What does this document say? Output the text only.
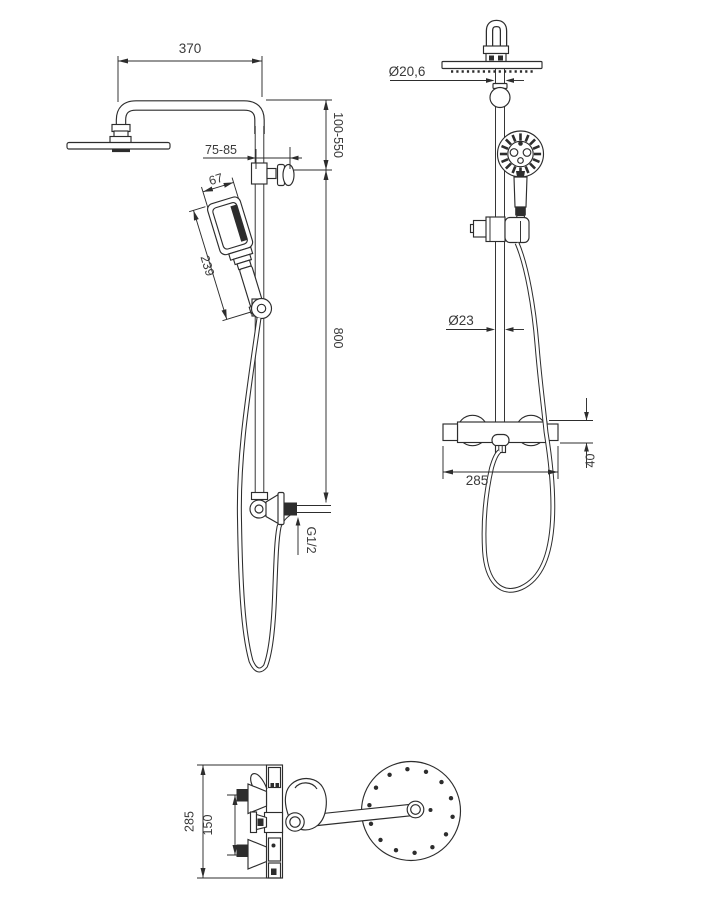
370
75-85	100-550
800
67
239
G1/2
Ø20,6
Ø23
285
40
285 150
